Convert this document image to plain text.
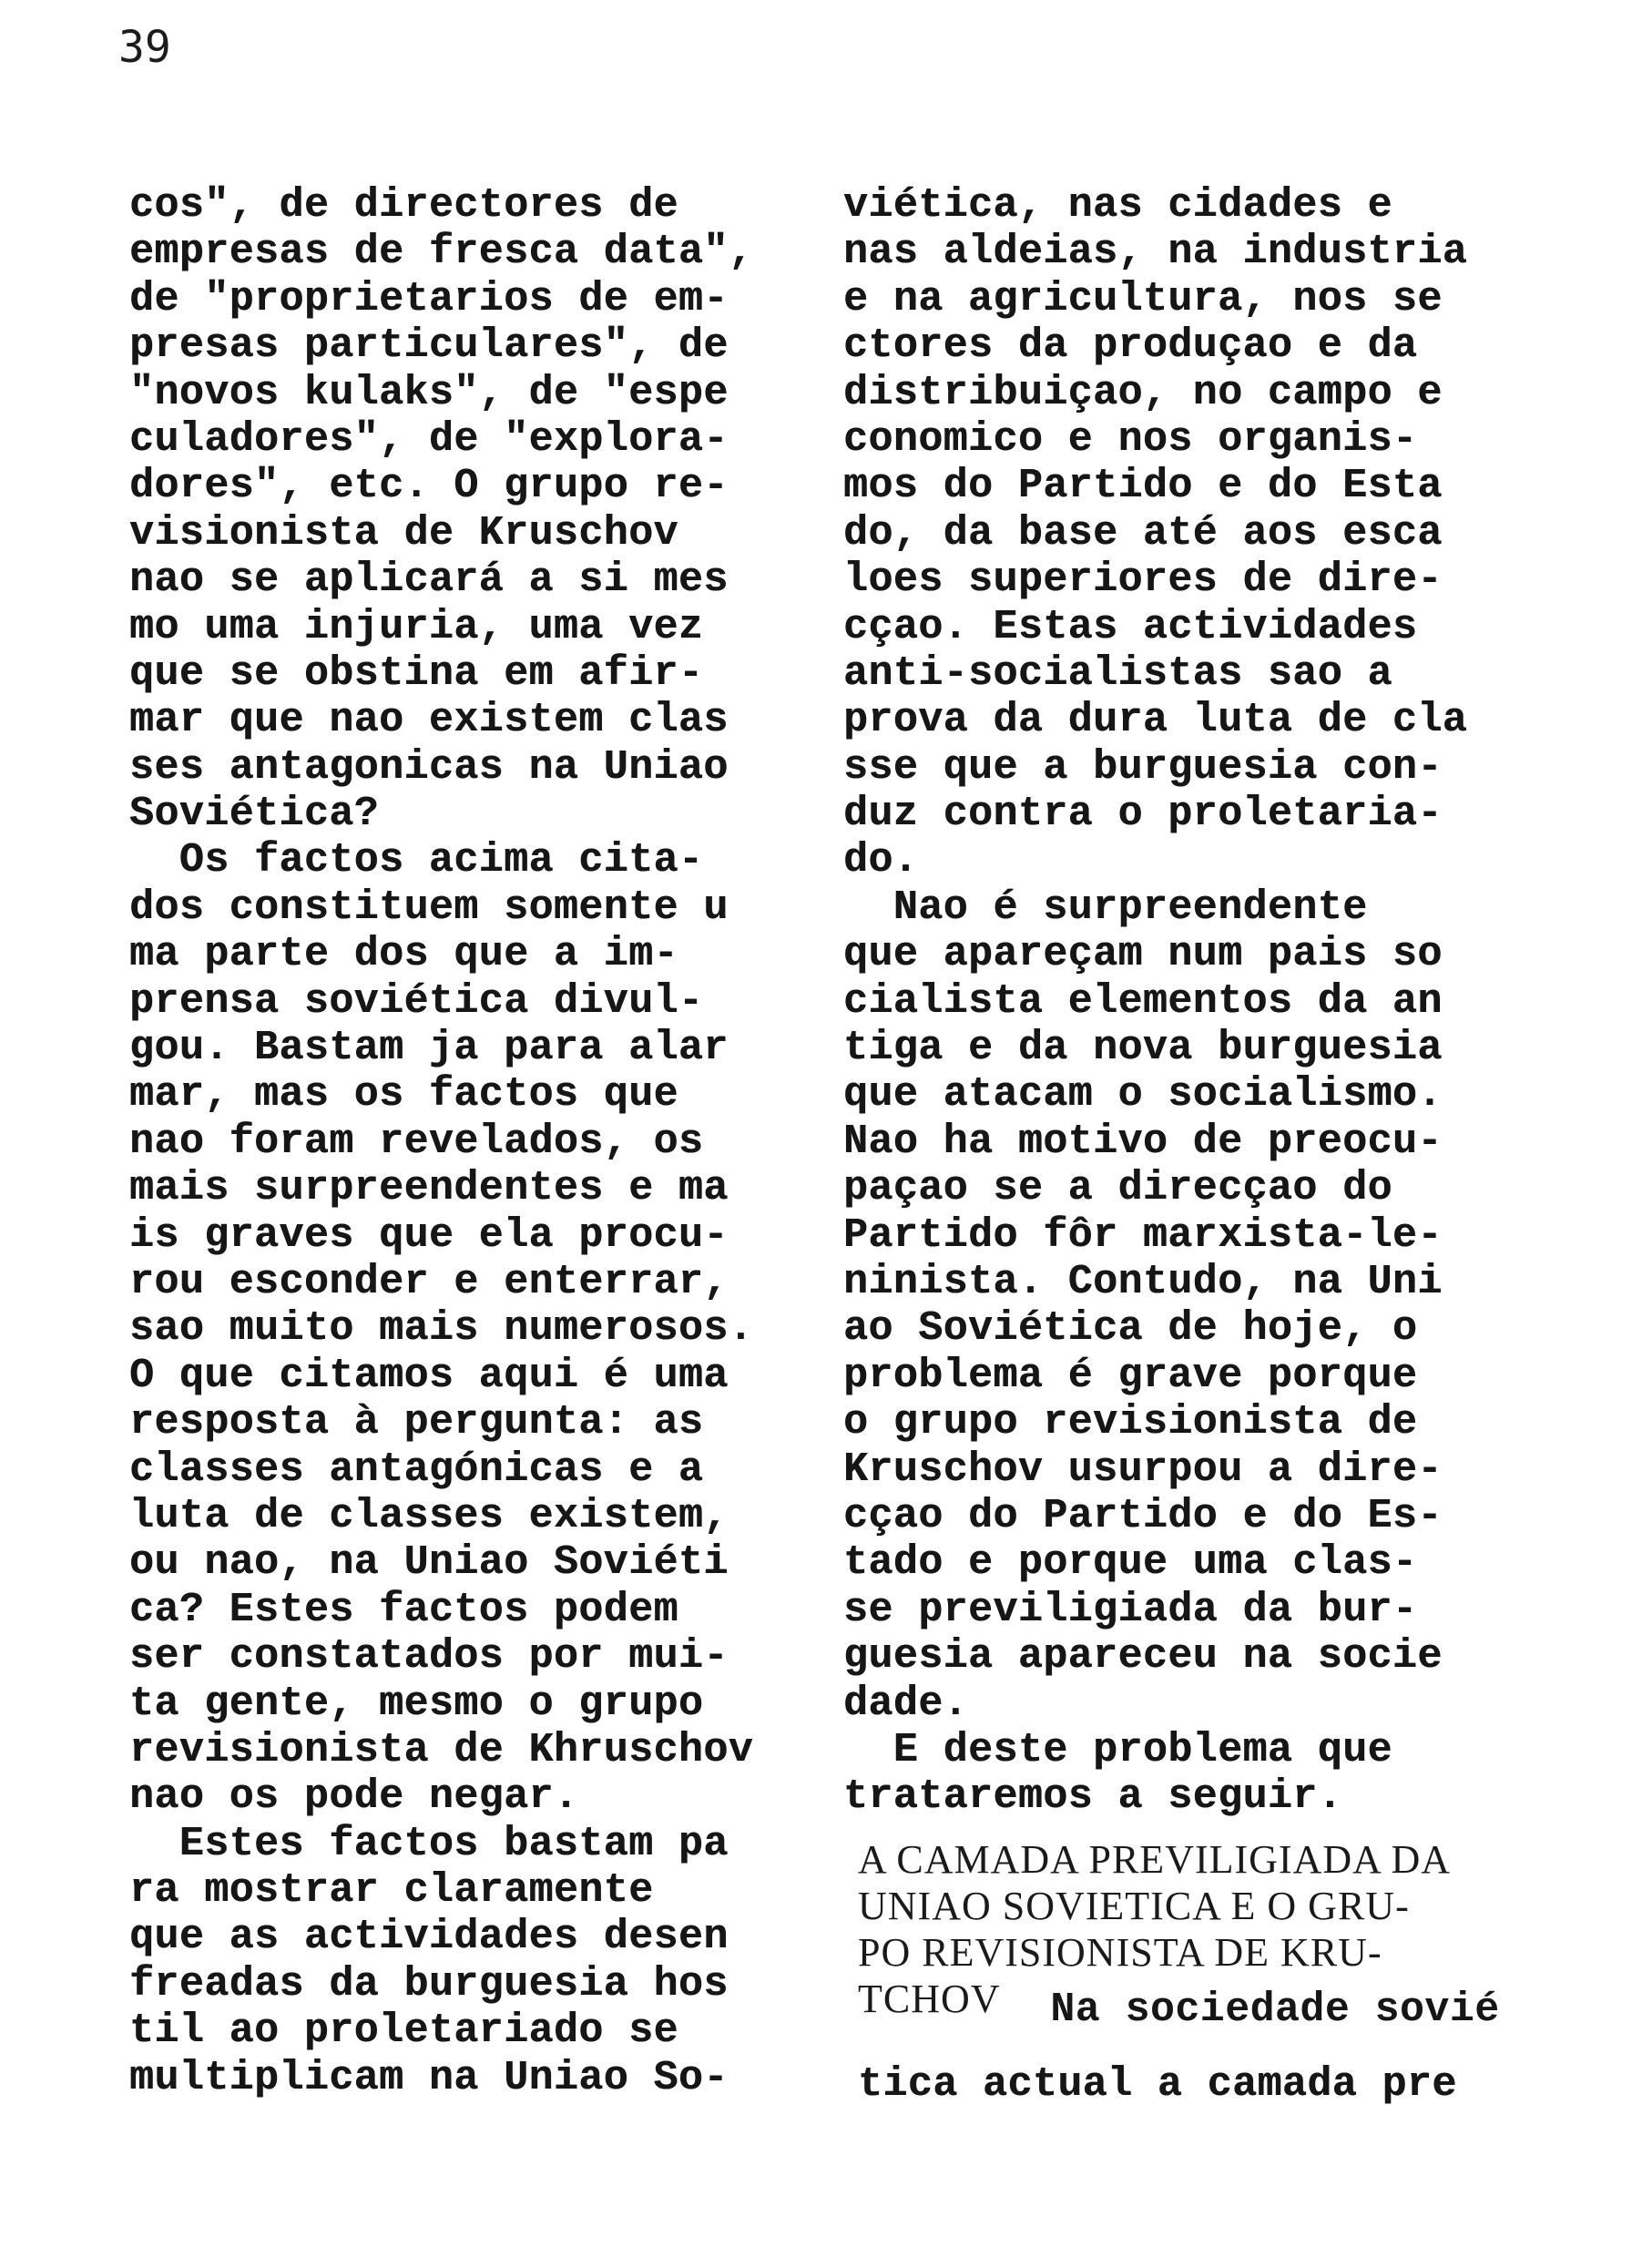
39
cos", de directores de
empresas de fresca data",
de "proprietarios de em-
presas particulares", de
"novos kulaks", de "espe
culadores", de "explora-
dores", etc. O grupo re-
visionista de Kruschov
nao se aplicará a si mes
mo uma injuria, uma vez
que se obstina em afir-
mar que nao existem clas
ses antagonicas na Uniao
Soviética?
Os factos acima cita-
dos constituem somente u
ma parte dos que a im-
prensa soviética divul-
gou. Bastam ja para alar
mar, mas os factos que
nao foram revelados, os
mais surpreendentes e ma
is graves que ela procu-
rou esconder e enterrar,
sao muito mais numerosos.
O que citamos aqui é uma
resposta à pergunta: as
classes antagónicas e a
luta de classes existem,
ou nao, na Uniao Soviéti
ca? Estes factos podem
ser constatados por mui-
ta gente, mesmo o grupo
revisionista de Khruschov
nao os pode negar.
Estes factos bastam pa
ra mostrar claramente
que as actividades desen
freadas da burguesia hos
til ao proletariado se
multiplicam na Uniao So-
viética, nas cidades e
nas aldeias, na industria
e na agricultura, nos se
ctores da produçao e da
distribuiçao, no campo e
conomico e nos organis-
mos do Partido e do Esta
do, da base até aos esca
loes superiores de dire-
cçao. Estas actividades
anti-socialistas sao a
prova da dura luta de cla
sse que a burguesia con-
duz contra o proletaria-
do.
Nao é surpreendente
que apareçam num pais so
cialista elementos da an
tiga e da nova burguesia
que atacam o socialismo.
Nao ha motivo de preocu-
paçao se a direcçao do
Partido fôr marxista-le-
ninista. Contudo, na Uni
ao Soviética de hoje, o
problema é grave porque
o grupo revisionista de
Kruschov usurpou a dire-
cçao do Partido e do Es-
tado e porque uma clas-
se previligiada da bur-
guesia apareceu na socie
dade.
E deste problema que
trataremos a seguir.
A CAMADA PREVILIGIADA DA
UNIAO SOVIETICA E O GRU-
PO REVISIONISTA DE KRU-
TCHOV  Na sociedade sovié
tica actual a camada pre
